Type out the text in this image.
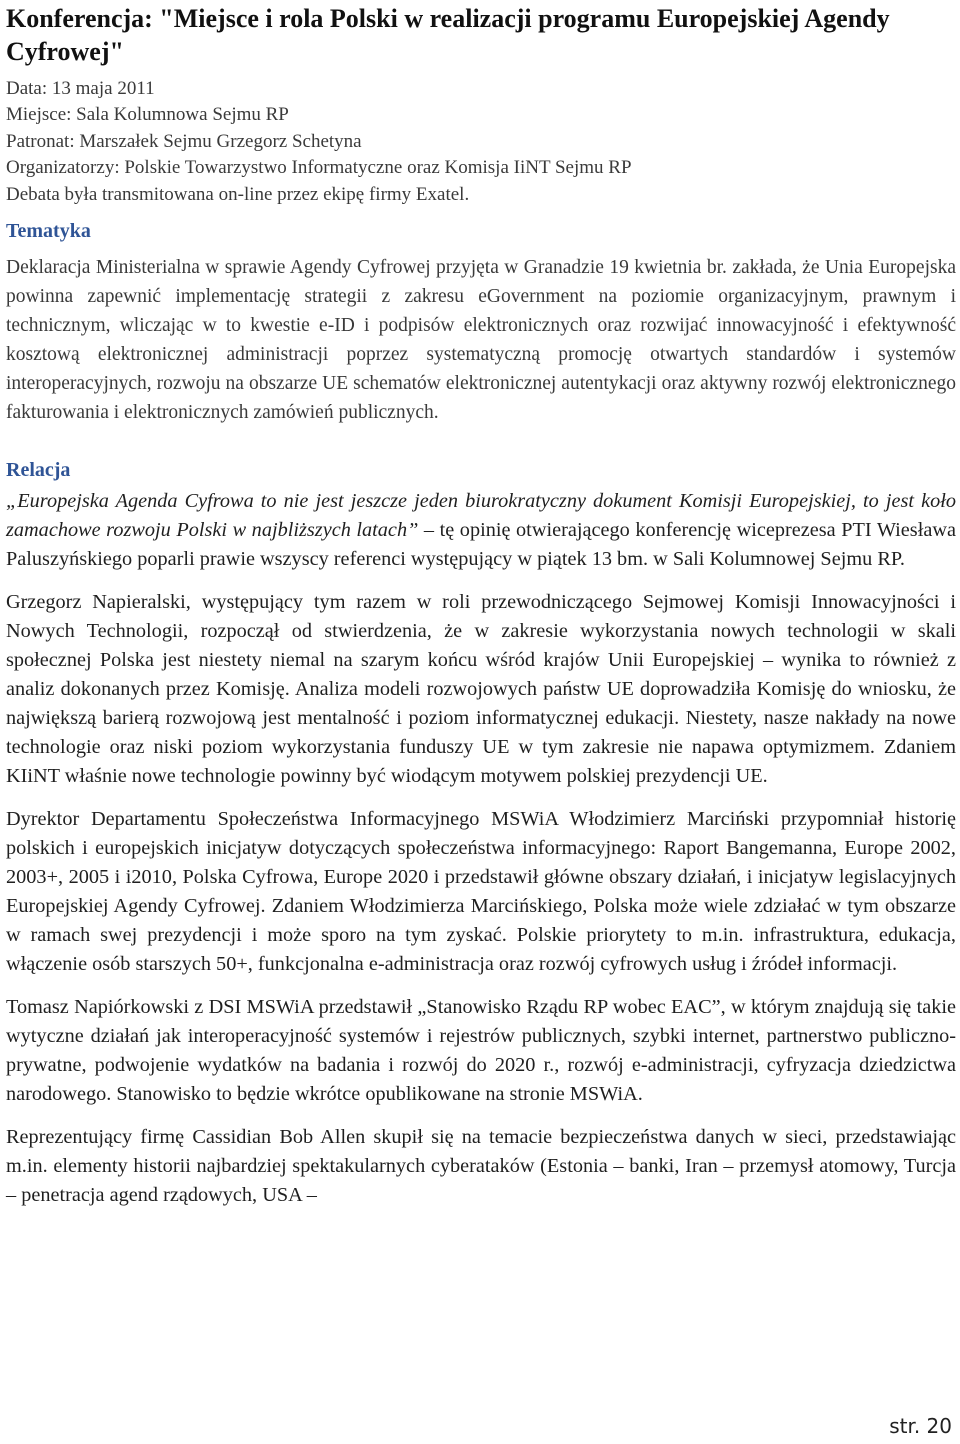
Konferencja: "Miejsce i rola Polski w realizacji programu Europejskiej Agendy Cyfrowej"
Data: 13 maja 2011
Miejsce: Sala Kolumnowa Sejmu RP
Patronat: Marszałek Sejmu Grzegorz Schetyna
Organizatorzy: Polskie Towarzystwo Informatyczne oraz Komisja IiNT Sejmu RP
Debata była transmitowana on-line przez ekipę firmy Exatel.
Tematyka
Deklaracja Ministerialna w sprawie Agendy Cyfrowej przyjęta w Granadzie 19 kwietnia br. zakłada, że Unia Europejska powinna zapewnić implementację strategii z zakresu eGovernment na poziomie organizacyjnym, prawnym i technicznym, wliczając w to kwestie e-ID i podpisów elektronicznych oraz rozwijać innowacyjność i efektywność kosztową elektronicznej administracji poprzez systematyczną promocję otwartych standardów i systemów interoperacyjnych, rozwoju na obszarze UE schematów elektronicznej autentykacji oraz aktywny rozwój elektronicznego fakturowania i elektronicznych zamówień publicznych.
Relacja

„Europejska Agenda Cyfrowa to nie jest jeszcze jeden biurokratyczny dokument Komisji Europejskiej, to jest koło zamachowe rozwoju Polski w najbliższych latach” – tę opinię otwierającego konferencję wiceprezesa PTI Wiesława Paluszyńskiego poparli prawie wszyscy referenci występujący w piątek 13 bm. w Sali Kolumnowej Sejmu RP.

Grzegorz Napieralski, występujący tym razem w roli przewodniczącego Sejmowej Komisji Innowacyjności i Nowych Technologii, rozpoczął od stwierdzenia, że w zakresie wykorzystania nowych technologii w skali społecznej Polska jest niestety niemal na szarym końcu wśród krajów Unii Europejskiej – wynika to również z analiz dokonanych przez Komisję. Analiza modeli rozwojowych państw UE doprowadziła Komisję do wniosku, że największą barierą rozwojową jest mentalność i poziom informatycznej edukacji. Niestety, nasze nakłady na nowe technologie oraz niski poziom wykorzystania funduszy UE w tym zakresie nie napawa optymizmem. Zdaniem KIiNT właśnie nowe technologie powinny być wiodącym motywem polskiej prezydencji UE.

Dyrektor Departamentu Społeczeństwa Informacyjnego MSWiA Włodzimierz Marciński przypomniał historię polskich i europejskich inicjatyw dotyczących społeczeństwa informacyjnego: Raport Bangemanna, Europe 2002, 2003+, 2005 i i2010, Polska Cyfrowa, Europe 2020 i przedstawił główne obszary działań, i inicjatyw legislacyjnych Europejskiej Agendy Cyfrowej. Zdaniem Włodzimierza Marcińskiego, Polska może wiele zdziałać w tym obszarze w ramach swej prezydencji i może sporo na tym zyskać. Polskie priorytety to m.in. infrastruktura, edukacja, włączenie osób starszych 50+, funkcjonalna e-administracja oraz rozwój cyfrowych usług i źródeł informacji.

Tomasz Napiórkowski z DSI MSWiA przedstawił „Stanowisko Rządu RP wobec EAC”, w którym znajdują się takie wytyczne działań jak interoperacyjność systemów i rejestrów publicznych, szybki internet, partnerstwo publiczno-prywatne, podwojenie wydatków na badania i rozwój do 2020 r., rozwój e-administracji, cyfryzacja dziedzictwa narodowego. Stanowisko to będzie wkrótce opublikowane na stronie MSWiA.

Reprezentujący firmę Cassidian Bob Allen skupił się na temacie bezpieczeństwa danych w sieci, przedstawiając m.in. elementy historii najbardziej spektakularnych cyberataków (Estonia – banki, Iran – przemysł atomowy, Turcja – penetracja agend rządowych, USA –

str. 20
